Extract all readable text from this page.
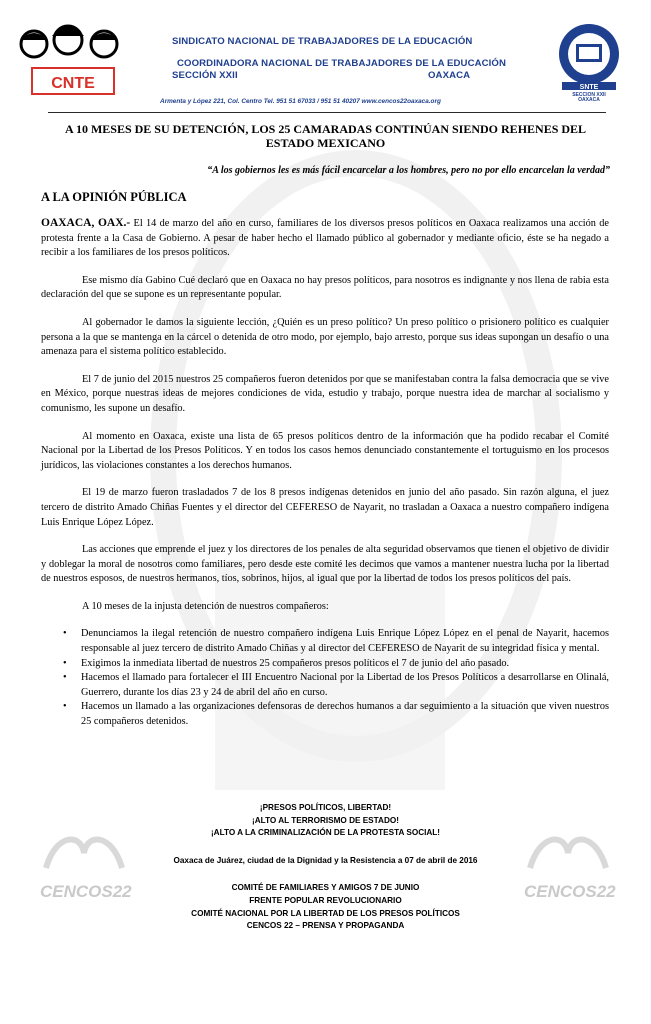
CNTE
SINDICATO NACIONAL DE TRABAJADORES DE LA EDUCACIÓN
COORDINADORA NACIONAL DE TRABAJADORES DE LA EDUCACIÓN
SECCIÓN XXII	OAXACA
Armenta y López 221, Col. Centro Tel. 951 51 67033 / 951 51 40207 www.cencos22oaxaca.org
SNTE
SECCION XXII
OAXACA
A 10 MESES DE SU DETENCIÓN, LOS 25 CAMARADAS CONTINÚAN SIENDO REHENES DEL ESTADO MEXICANO
“A los gobiernos les es más fácil encarcelar a los hombres, pero no por ello encarcelan la verdad”
A LA OPINIÓN PÚBLICA

OAXACA, OAX.- El 14 de marzo del año en curso, familiares de los diversos presos políticos en Oaxaca realizamos una acción de protesta frente a la Casa de Gobierno. A pesar de haber hecho el llamado público al gobernador y mediante oficio, éste se ha negado a recibir a los familiares de los presos políticos.

Ese mismo día Gabino Cué declaró que en Oaxaca no hay presos políticos, para nosotros es indignante y nos llena de rabia esta declaración del que se supone es un representante popular.

Al gobernador le damos la siguiente lección, ¿Quién es un preso político? Un preso político o prisionero político es cualquier persona a la que se mantenga en la cárcel o detenida de otro modo, por ejemplo, bajo arresto, porque sus ideas supongan un desafío o una amenaza para el sistema político establecido.

El 7 de junio del 2015 nuestros 25 compañeros fueron detenidos por que se manifestaban contra la falsa democracia que se vive en México, porque nuestras ideas de mejores condiciones de vida, estudio y trabajo, porque nuestra idea de marchar al socialismo y comunismo, les supone un desafío.

Al momento en Oaxaca, existe una lista de 65 presos políticos dentro de la información que ha podido recabar el Comité Nacional por la Libertad de los Presos Políticos. Y en todos los casos hemos denunciado constantemente el tortuguismo en los procesos jurídicos, las violaciones constantes a los derechos humanos.

El 19 de marzo fueron trasladados 7 de los 8 presos indígenas detenidos en junio del año pasado. Sin razón alguna, el juez tercero de distrito Amado Chiñas Fuentes y el director del CEFERESO de Nayarit, no trasladan a Oaxaca a nuestro compañero indígena Luis Enrique López López.

Las acciones que emprende el juez y los directores de los penales de alta seguridad observamos que tienen el objetivo de dividir y doblegar la moral de nosotros como familiares, pero desde este comité les decimos que vamos a mantener nuestra lucha por la libertad de nuestros esposos, de nuestros hermanos, tíos, sobrinos, hijos, al igual que por la libertad de todos los presos políticos del país.

A 10 meses de la injusta detención de nuestros compañeros:

• Denunciamos la ilegal retención de nuestro compañero indígena Luis Enrique López López en el penal de Nayarit, hacemos responsable al juez tercero de distrito Amado Chiñas y al director del CEFERESO de Nayarit de su integridad física y mental.
• Exigimos la inmediata libertad de nuestros 25 compañeros presos políticos el 7 de junio del año pasado.
• Hacemos el llamado para fortalecer el III Encuentro Nacional por la Libertad de los Presos Políticos a desarrollarse en Olinalá, Guerrero, durante los días 23 y 24 de abril del año en curso.
• Hacemos un llamado a las organizaciones defensoras de derechos humanos a dar seguimiento a la situación que viven nuestros 25 compañeros detenidos.
CENCOS22	CENCOS22
¡PRESOS POLÍTICOS, LIBERTAD!
¡ALTO AL TERRORISMO DE ESTADO!
¡ALTO A LA CRIMINALIZACIÓN DE LA PROTESTA SOCIAL!
Oaxaca de Juárez, ciudad de la Dignidad y la Resistencia a 07 de abril de 2016
COMITÉ DE FAMILIARES Y AMIGOS 7 DE JUNIO
FRENTE POPULAR REVOLUCIONARIO
COMITÉ NACIONAL POR LA LIBERTAD DE LOS PRESOS POLÍTICOS
CENCOS 22 – PRENSA Y PROPAGANDA
